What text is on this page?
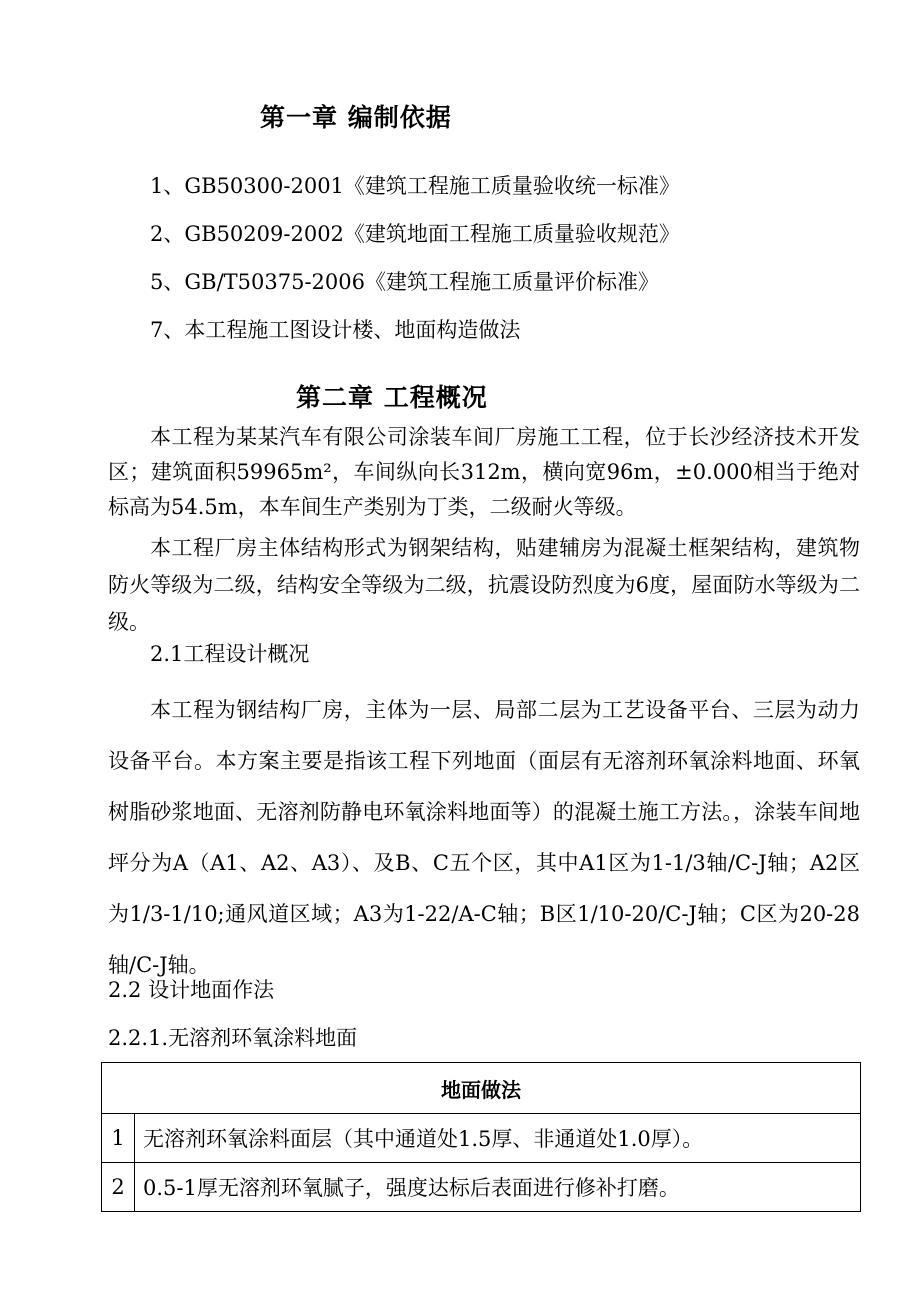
第一章 编制依据
1、GB50300-2001《建筑工程施工质量验收统一标准》
2、GB50209-2002《建筑地面工程施工质量验收规范》
5、GB/T50375-2006《建筑工程施工质量评价标准》
7、本工程施工图设计楼、地面构造做法
第二章 工程概况
本工程为某某汽车有限公司涂装车间厂房施工工程，位于长沙经济技术开发区；建筑面积59965m²，车间纵向长312m，横向宽96m，±0.000相当于绝对标高为54.5m，本车间生产类别为丁类，二级耐火等级。
本工程厂房主体结构形式为钢架结构，贴建辅房为混凝土框架结构，建筑物防火等级为二级，结构安全等级为二级，抗震设防烈度为6度，屋面防水等级为二级。
2.1工程设计概况
本工程为钢结构厂房，主体为一层、局部二层为工艺设备平台、三层为动力设备平台。本方案主要是指该工程下列地面（面层有无溶剂环氧涂料地面、环氧树脂砂浆地面、无溶剂防静电环氧涂料地面等）的混凝土施工方法。，涂装车间地坪分为A（A1、A2、A3）、及B、C五个区，其中A1区为1-1/3轴/C-J轴；A2区为1/3-1/10;通风道区域；A3为1-22/A-C轴；B区1/10-20/C-J轴；C区为20-28轴/C-J轴。
2.2 设计地面作法
2.2.1.无溶剂环氧涂料地面
地面做法	
1	无溶剂环氧涂料面层（其中通道处1.5厚、非通道处1.0厚）。
2	0.5-1厚无溶剂环氧腻子，强度达标后表面进行修补打磨。
